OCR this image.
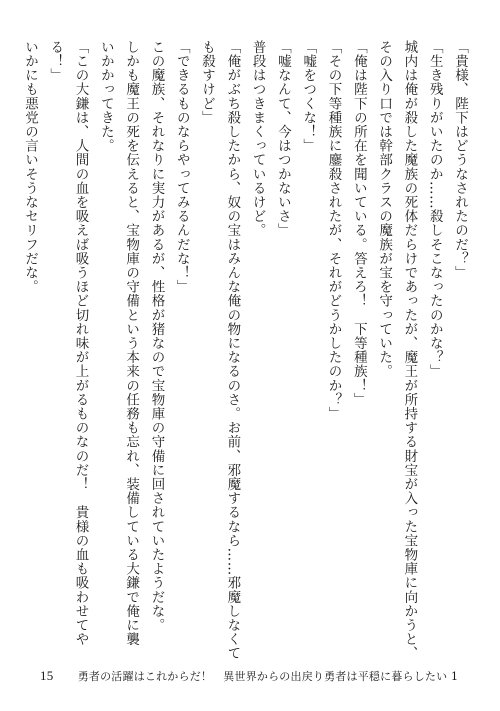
「貴様、陛下はどうなされたのだ？」
「生き残りがいたのか……殺しそこなったのかな？」
城内は俺が殺した魔族の死体だらけであったが、魔王が所持する財宝が入った宝物庫に向かうと、
その入り口では幹部クラスの魔族が宝を守っていた。
「俺は陛下の所在を聞いている。答えろ！　下等種族！」
「その下等種族に鏖殺されたが、それがどうかしたのか？」
「嘘をつくな！」
「嘘なんて、今はつかないさ」
普段はつきまくっているけど。
「俺がぶち殺したから、奴の宝はみんな俺の物になるのさ。お前、邪魔するなら……邪魔しなくて
も殺すけど」
「できるものならやってみるんだな！」
この魔族、それなりに実力があるが、性格が猪なので宝物庫の守備に回されていたようだな。
しかも魔王の死を伝えると、宝物庫の守備という本来の任務も忘れ、装備している大鎌で俺に襲
いかかってきた。
「この大鎌は、人間の血を吸えば吸うほど切れ味が上がるものなのだ！　貴様の血も吸わせてや
る！」
いかにも悪党の言いそうなセリフだな。
15 勇者の活躍はこれからだ！　異世界からの出戻り勇者は平穏に暮らしたい 1
